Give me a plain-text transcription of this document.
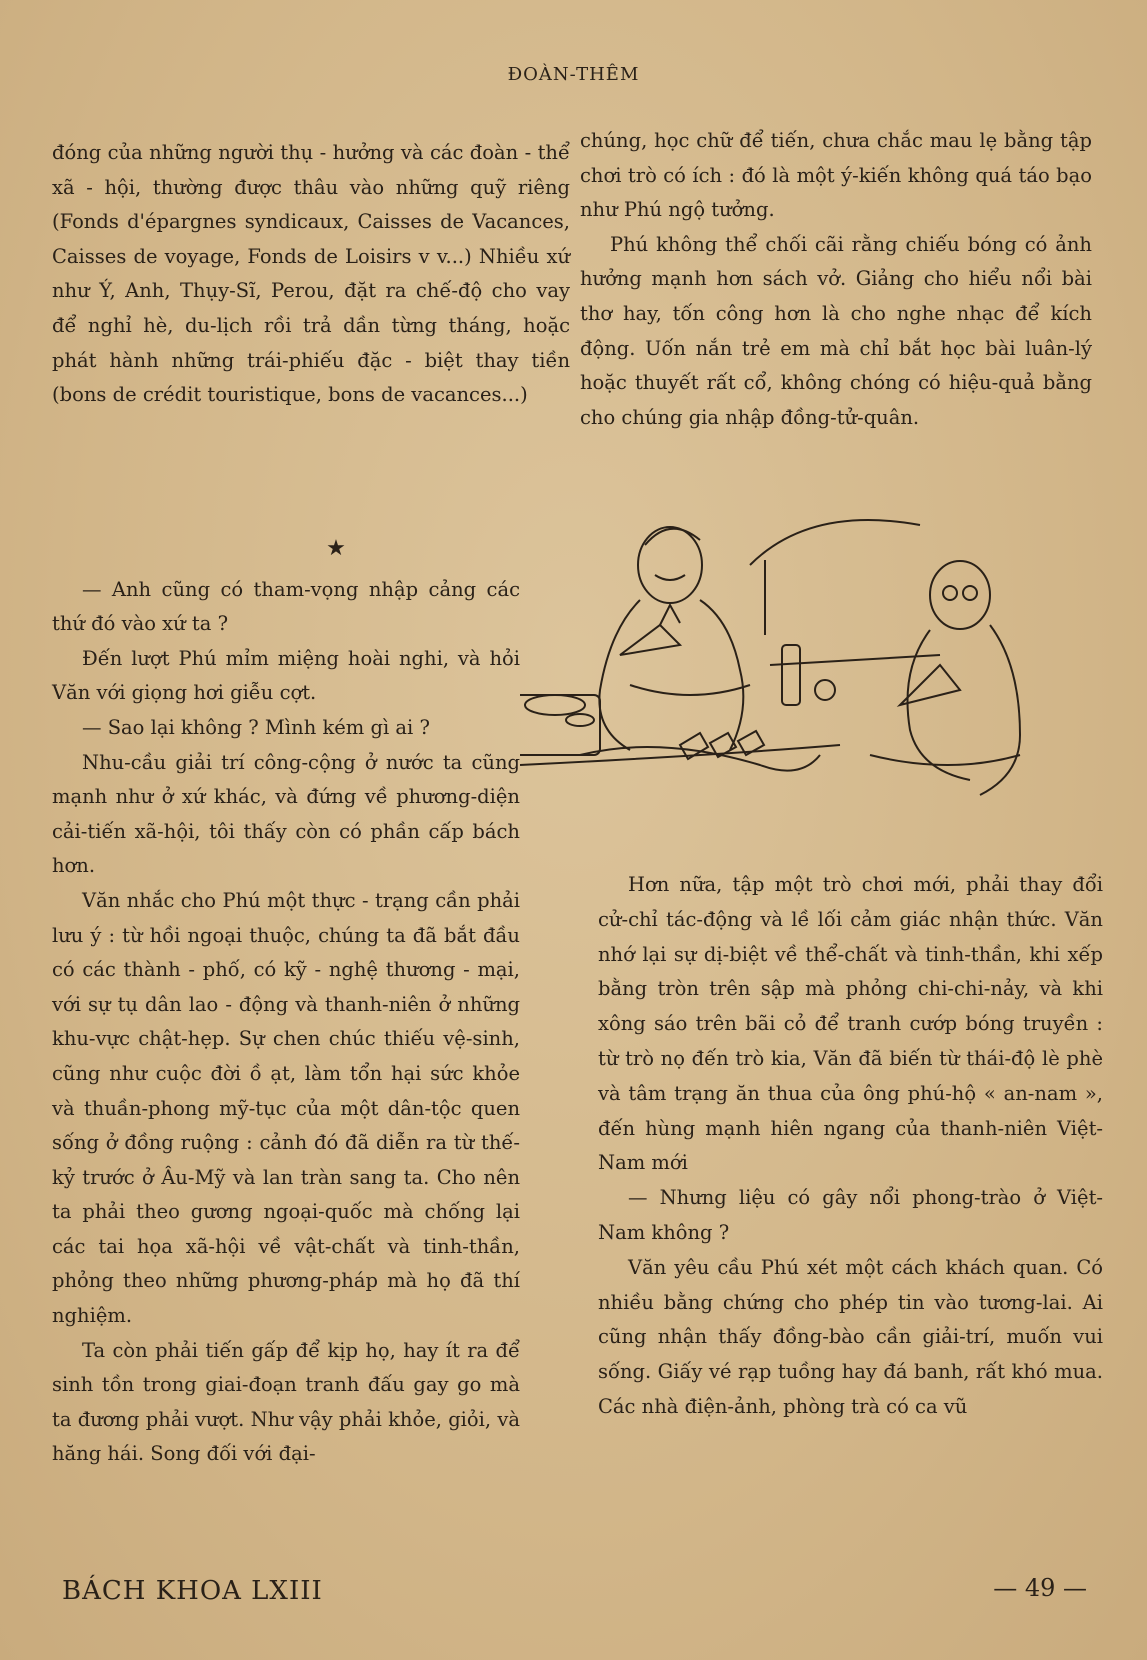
ĐOÀN-THÊM

đóng của những người thụ - hưởng và các đoàn - thể xã - hội, thường được thâu vào những quỹ riêng (Fonds d'épargnes syndicaux, Caisses de Vacances, Caisses de voyage, Fonds de Loisirs v v...) Nhiều xứ như Ý, Anh, Thụy-Sĩ, Perou, đặt ra chế-độ cho vay để nghỉ hè, du-lịch rồi trả dần từng tháng, hoặc phát hành những trái-phiếu đặc - biệt thay tiền (bons de crédit touristique, bons de vacances...)

★

— Anh cũng có tham-vọng nhập cảng các thứ đó vào xứ ta ?

Đến lượt Phú mỉm miệng hoài nghi, và hỏi Văn với giọng hơi giễu cợt.

— Sao lại không ? Mình kém gì ai ?

Nhu-cầu giải trí công-cộng ở nước ta cũng mạnh như ở xứ khác, và đứng về phương-diện cải-tiến xã-hội, tôi thấy còn có phần cấp bách hơn.

Văn nhắc cho Phú một thực - trạng cần phải lưu ý : từ hồi ngoại thuộc, chúng ta đã bắt đầu có các thành - phố, có kỹ - nghệ thương - mại, với sự tụ dân lao - động và thanh-niên ở những khu-vực chật-hẹp. Sự chen chúc thiếu vệ-sinh, cũng như cuộc đời ồ ạt, làm tổn hại sức khỏe và thuần-phong mỹ-tục của một dân-tộc quen sống ở đồng ruộng : cảnh đó đã diễn ra từ thế-kỷ trước ở Âu-Mỹ và lan tràn sang ta. Cho nên ta phải theo gương ngoại-quốc mà chống lại các tai họa xã-hội về vật-chất và tinh-thần, phỏng theo những phương-pháp mà họ đã thí nghiệm.

Ta còn phải tiến gấp để kịp họ, hay ít ra để sinh tồn trong giai-đoạn tranh đấu gay go mà ta đương phải vượt. Như vậy phải khỏe, giỏi, và hăng hái. Song đối với đại-

chúng, học chữ để tiến, chưa chắc mau lẹ bằng tập chơi trò có ích : đó là một ý-kiến không quá táo bạo như Phú ngộ tưởng.

Phú không thể chối cãi rằng chiếu bóng có ảnh hưởng mạnh hơn sách vở. Giảng cho hiểu nổi bài thơ hay, tốn công hơn là cho nghe nhạc để kích động. Uốn nắn trẻ em mà chỉ bắt học bài luân-lý hoặc thuyết rất cổ, không chóng có hiệu-quả bằng cho chúng gia nhập đồng-tử-quân.

Hơn nữa, tập một trò chơi mới, phải thay đổi cử-chỉ tác-động và lề lối cảm giác nhận thức. Văn nhớ lại sự dị-biệt về thể-chất và tinh-thần, khi xếp bằng tròn trên sập mà phỏng chi-chi-nảy, và khi xông sáo trên bãi cỏ để tranh cướp bóng truyền : từ trò nọ đến trò kia, Văn đã biến từ thái-độ lè phè và tâm trạng ăn thua của ông phú-hộ « an-nam », đến hùng mạnh hiên ngang của thanh-niên Việt-Nam mới

— Nhưng liệu có gây nổi phong-trào ở Việt-Nam không ?

Văn yêu cầu Phú xét một cách khách quan. Có nhiều bằng chứng cho phép tin vào tương-lai. Ai cũng nhận thấy đồng-bào cần giải-trí, muốn vui sống. Giấy vé rạp tuồng hay đá banh, rất khó mua. Các nhà điện-ảnh, phòng trà có ca vũ

BÁCH KHOA LXIII	— 49 —
